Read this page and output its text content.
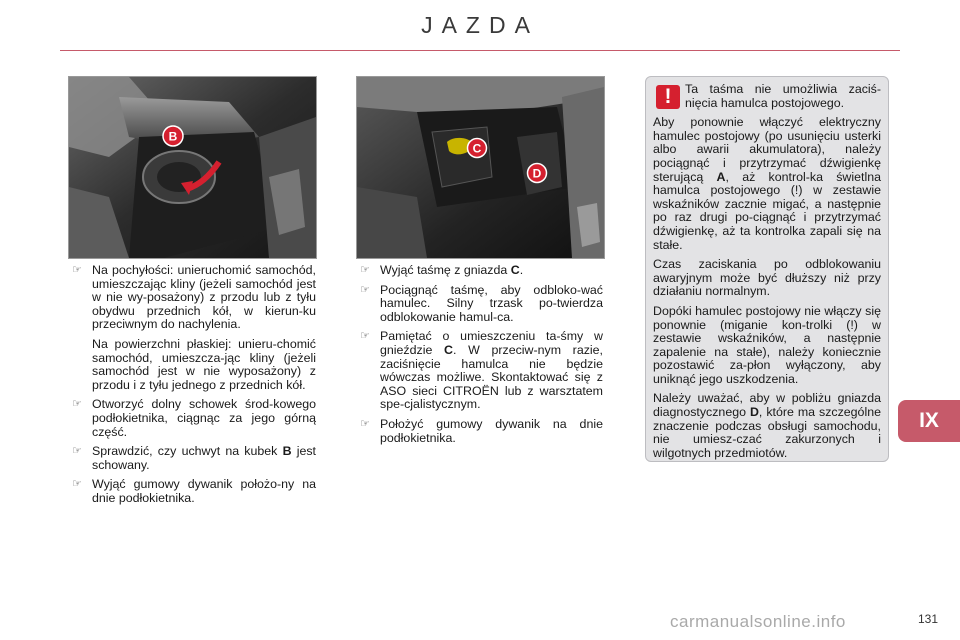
JAZDA
B
C
D
☞ Na pochyłości: unieruchomić samochód, umieszczając kliny (jeżeli samochód jest w nie wy-posażony) z przodu lub z tyłu obydwu przednich kół, w kierun-ku przeciwnym do nachylenia.

Na powierzchni płaskiej: unieru-chomić samochód, umieszcza-jąc kliny (jeżeli samochód jest w nie wyposażony) z przodu i z tyłu jednego z przednich kół.

☞ Otworzyć dolny schowek środ-kowego podłokietnika, ciągnąc za jego górną część.

☞ Sprawdzić, czy uchwyt na kubek B jest schowany.

☞ Wyjąć gumowy dywanik położo-ny na dnie podłokietnika.

☞ Wyjąć taśmę z gniazda C.

☞ Pociągnąć taśmę, aby odbloko-wać hamulec. Silny trzask po-twierdza odblokowanie hamul-ca.

☞ Pamiętać o umieszczeniu ta-śmy w gnieździe C. W przeciw-nym razie, zaciśnięcie hamulca nie będzie wówczas możliwe. Skontaktować się z ASO sieci CITROËN lub z warsztatem spe-cjalistycznym.

☞ Położyć gumowy dywanik na dnie podłokietnika.

!	Ta taśma nie umożliwia zaciś-nięcia hamulca postojowego.

Aby ponownie włączyć elektryczny hamulec postojowy (po usunięciu usterki albo awarii akumulatora), należy pociągnąć i przytrzymać dźwigienkę sterującą A, aż kontrol-ka świetlna hamulca postojowego (!) w zestawie wskaźników zacznie migać, a następnie po raz drugi po-ciągnąć i przytrzymać dźwigienkę, aż ta kontrolka zapali się na stałe.

Czas zaciskania po odblokowaniu awaryjnym może być dłuższy niż przy działaniu normalnym.

Dopóki hamulec postojowy nie włączy się ponownie (miganie kon-trolki (!) w zestawie wskaźników, a następnie zapalenie na stałe), należy koniecznie pozostawić za-płon wyłączony, aby uniknąć jego uszkodzenia.

Należy uważać, aby w pobliżu gniazda diagnostycznego D, które ma szczególne znaczenie podczas obsługi samochodu, nie umiesz-czać zakurzonych i wilgotnych przedmiotów.

IX
carmanualsonline.info	131
